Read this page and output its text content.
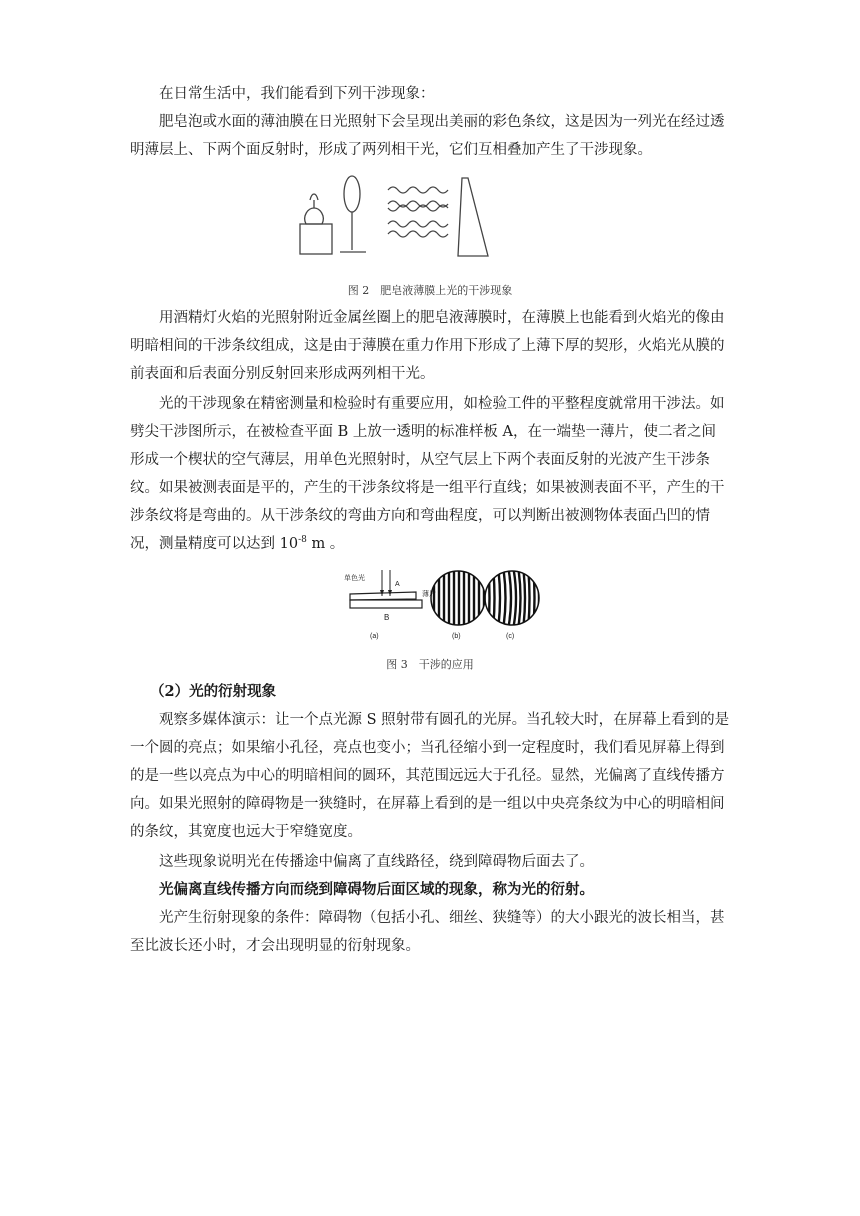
在日常生活中，我们能看到下列干涉现象：

肥皂泡或水面的薄油膜在日光照射下会呈现出美丽的彩色条纹，这是因为一列光在经过透明薄层上、下两个面反射时，形成了两列相干光，它们互相叠加产生了干涉现象。

图 2　肥皂液薄膜上光的干涉现象

用酒精灯火焰的光照射附近金属丝圈上的肥皂液薄膜时，在薄膜上也能看到火焰光的像由明暗相间的干涉条纹组成，这是由于薄膜在重力作用下形成了上薄下厚的契形，火焰光从膜的前表面和后表面分别反射回来形成两列相干光。

光的干涉现象在精密测量和检验时有重要应用，如检验工件的平整程度就常用干涉法。如劈尖干涉图所示，在被检查平面 B 上放一透明的标准样板 A，在一端垫一薄片，使二者之间形成一个楔状的空气薄层，用单色光照射时，从空气层上下两个表面反射的光波产生干涉条纹。如果被测表面是平的，产生的干涉条纹将是一组平行直线；如果被测表面不平，产生的干涉条纹将是弯曲的。从干涉条纹的弯曲方向和弯曲程度，可以判断出被测物体表面凸凹的情况，测量精度可以达到 $10^{-8}$ m 。

单色光
A
薄片
B
(a)	(b)	(c)
图 3　干涉的应用

（2）光的衍射现象

观察多媒体演示：让一个点光源 S 照射带有圆孔的光屏。当孔较大时，在屏幕上看到的是一个圆的亮点；如果缩小孔径，亮点也变小；当孔径缩小到一定程度时，我们看见屏幕上得到的是一些以亮点为中心的明暗相间的圆环，其范围远远大于孔径。显然，光偏离了直线传播方向。如果光照射的障碍物是一狭缝时，在屏幕上看到的是一组以中央亮条纹为中心的明暗相间的条纹，其宽度也远大于窄缝宽度。

这些现象说明光在传播途中偏离了直线路径，绕到障碍物后面去了。

光偏离直线传播方向而绕到障碍物后面区域的现象，称为光的衍射。

光产生衍射现象的条件：障碍物（包括小孔、细丝、狭缝等）的大小跟光的波长相当，甚至比波长还小时，才会出现明显的衍射现象。
